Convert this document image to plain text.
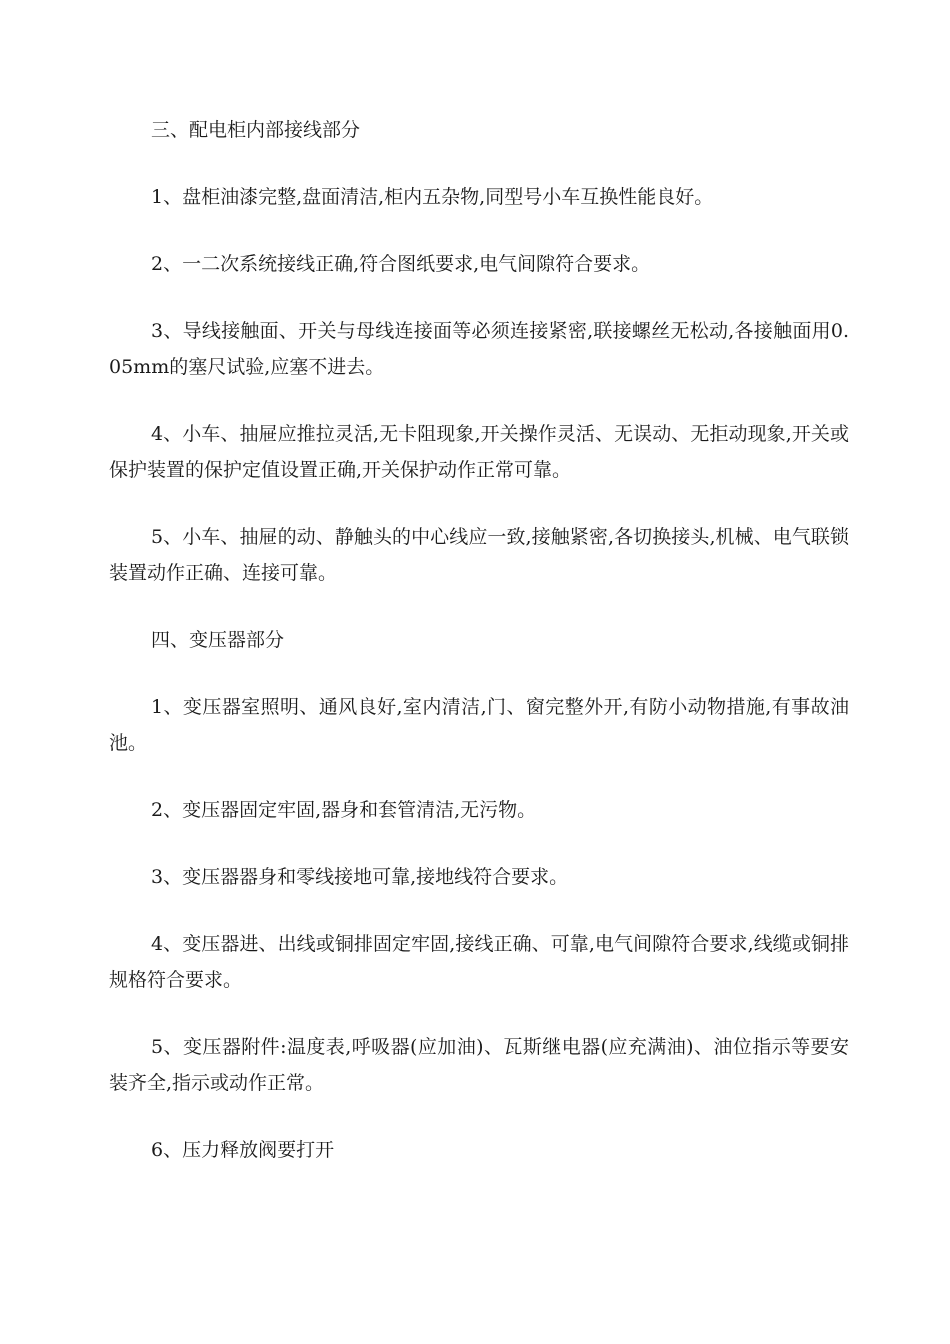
三、配电柜内部接线部分

1、盘柜油漆完整,盘面清洁,柜内五杂物,同型号小车互换性能良好。

2、一二次系统接线正确,符合图纸要求,电气间隙符合要求。

3、导线接触面、开关与母线连接面等必须连接紧密,联接螺丝无松动,各接触面用0.05mm的塞尺试验,应塞不进去。

4、小车、抽屉应推拉灵活,无卡阻现象,开关操作灵活、无误动、无拒动现象,开关或保护装置的保护定值设置正确,开关保护动作正常可靠。

5、小车、抽屉的动、静触头的中心线应一致,接触紧密,各切换接头,机械、电气联锁装置动作正确、连接可靠。

四、变压器部分

1、变压器室照明、通风良好,室内清洁,门、窗完整外开,有防小动物措施,有事故油池。

2、变压器固定牢固,器身和套管清洁,无污物。

3、变压器器身和零线接地可靠,接地线符合要求。

4、变压器进、出线或铜排固定牢固,接线正确、可靠,电气间隙符合要求,线缆或铜排规格符合要求。

5、变压器附件:温度表,呼吸器(应加油)、瓦斯继电器(应充满油)、油位指示等要安装齐全,指示或动作正常。

6、压力释放阀要打开
